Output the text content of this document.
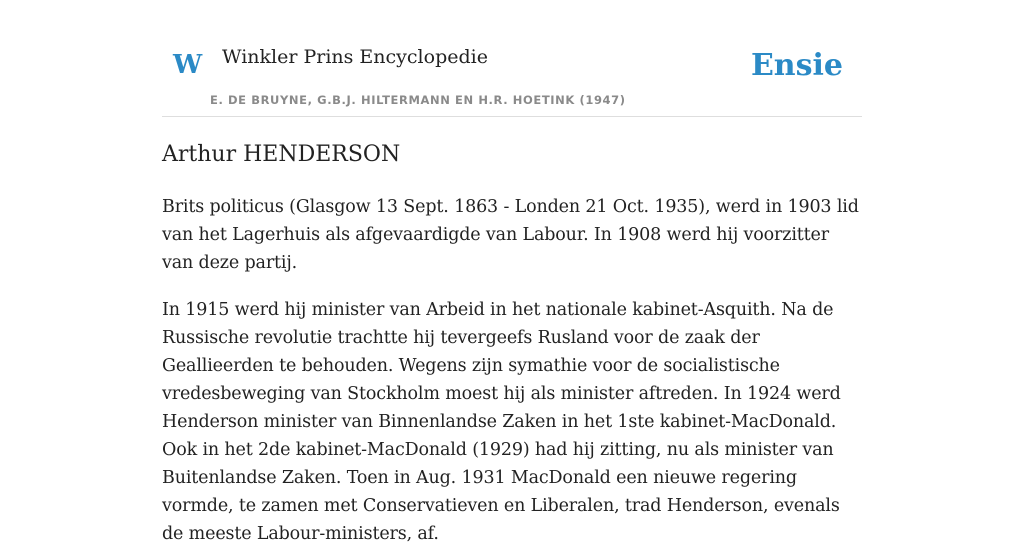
W Winkler Prins Encyclopedie
E. DE BRUYNE, G.B.J. HILTERMANN EN H.R. HOETINK (1947)
Ensie
Arthur HENDERSON

Brits politicus (Glasgow 13 Sept. 1863 - Londen 21 Oct. 1935), werd in 1903 lid van het Lagerhuis als afgevaardigde van Labour. In 1908 werd hij voorzitter van deze partij.

In 1915 werd hij minister van Arbeid in het nationale kabinet-Asquith. Na de Russische revolutie trachtte hij tevergeefs Rusland voor de zaak der Geallieerden te behouden. Wegens zijn symathie voor de socialistische vredesbeweging van Stockholm moest hij als minister aftreden. In 1924 werd Henderson minister van Binnenlandse Zaken in het 1ste kabinet-MacDonald. Ook in het 2de kabinet-MacDonald (1929) had hij zitting, nu als minister van Buitenlandse Zaken. Toen in Aug. 1931 MacDonald een nieuwe regering vormde, te zamen met Conservatieven en Liberalen, trad Henderson, evenals de meeste Labour-ministers, af.
